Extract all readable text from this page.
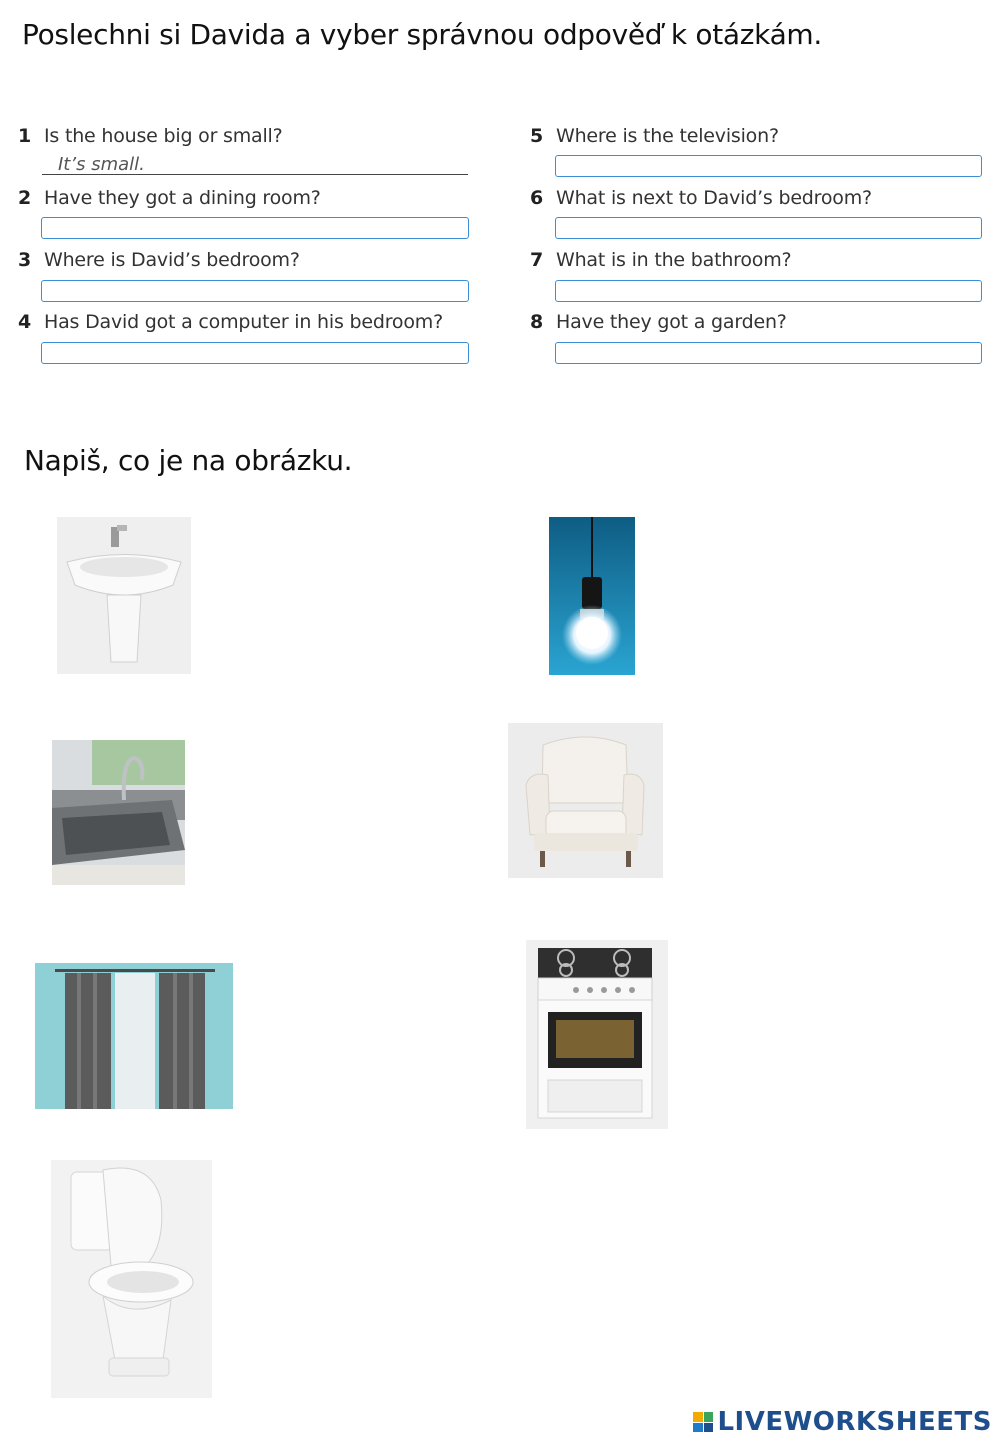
Poslechni si Davida a vyber správnou odpověď k otázkám.
1 Is the house big or small?
It’s small.
2 Have they got a dining room?
3 Where is David’s bedroom?
4 Has David got a computer in his bedroom?
5 Where is the television?
6 What is next to David’s bedroom?
7 What is in the bathroom?
8 Have they got a garden?
Napiš, co je na obrázku.
LIVEWORKSHEETS
